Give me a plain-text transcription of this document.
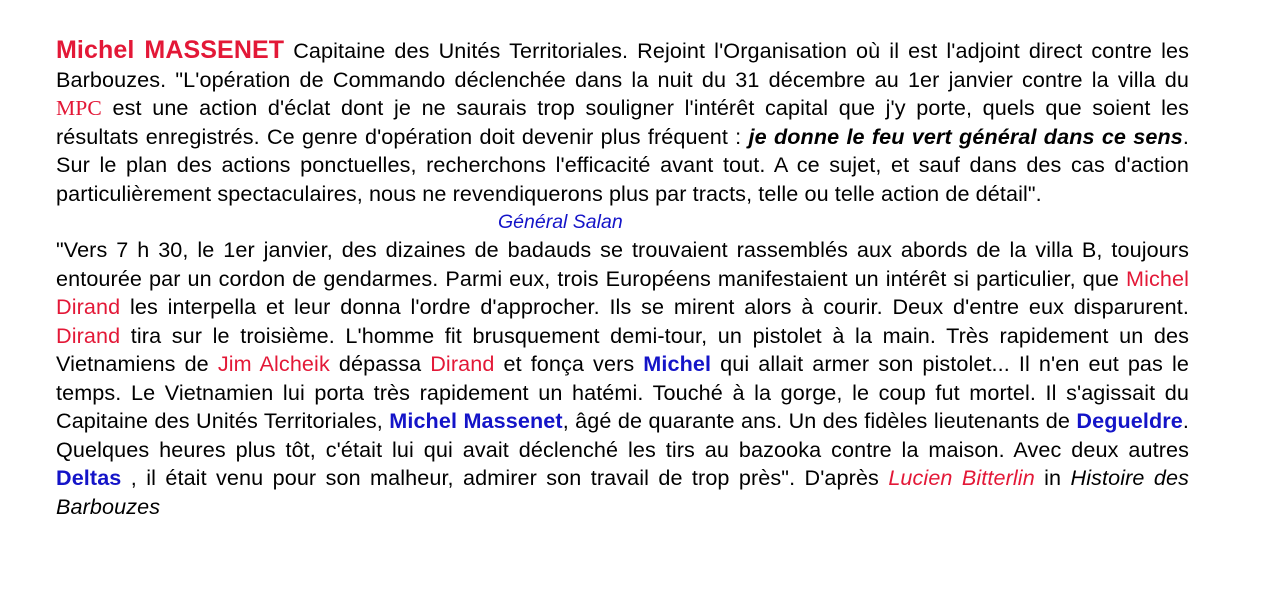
Michel MASSENET Capitaine des Unités Territoriales. Rejoint l'Organisation où il est l'adjoint direct contre les Barbouzes. "L'opération de Commando déclenchée dans la nuit du 31 décembre au 1er janvier contre la villa du MPC est une action d'éclat dont je ne saurais trop souligner l'intérêt capital que j'y porte, quels que soient les résultats enregistrés. Ce genre d'opération doit devenir plus fréquent : je donne le feu vert général dans ce sens. Sur le plan des actions ponctuelles, recherchons l'efficacité avant tout. A ce sujet, et sauf dans des cas d'action particulièrement spectaculaires, nous ne revendiquerons plus par tracts, telle ou telle action de détail".

Général Salan

"Vers 7 h 30, le 1er janvier, des dizaines de badauds se trouvaient rassemblés aux abords de la villa B, toujours entourée par un cordon de gendarmes. Parmi eux, trois Européens manifestaient un intérêt si particulier, que Michel Dirand les interpella et leur donna l'ordre d'approcher. Ils se mirent alors à courir. Deux d'entre eux disparurent. Dirand tira sur le troisième. L'homme fit brusquement demi-tour, un pistolet à la main. Très rapidement un des Vietnamiens de Jim Alcheik dépassa Dirand et fonça vers Michel qui allait armer son pistolet... Il n'en eut pas le temps. Le Vietnamien lui porta très rapidement un hatémi. Touché à la gorge, le coup fut mortel. Il s'agissait du Capitaine des Unités Territoriales, Michel Massenet, âgé de quarante ans. Un des fidèles lieutenants de Degueldre. Quelques heures plus tôt, c'était lui qui avait déclenché les tirs au bazooka contre la maison. Avec deux autres Deltas , il était venu pour son malheur, admirer son travail de trop près". D'après Lucien Bitterlin in Histoire des Barbouzes
